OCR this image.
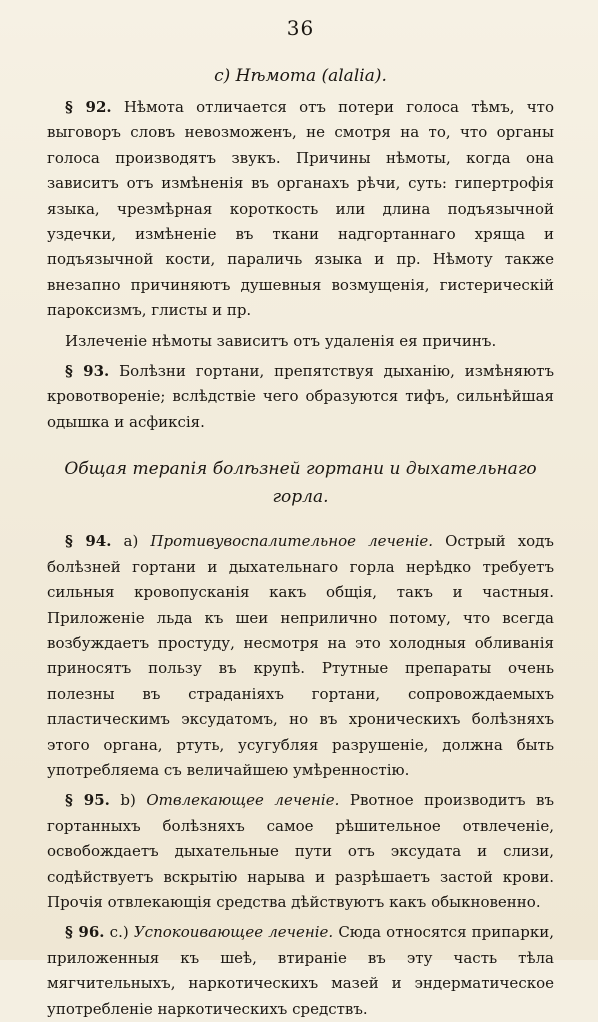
36
c) Нѣмота (alalia).

§ 92. Нѣмота отличается отъ потери голоса тѣмъ, что выговоръ словъ невозможенъ, не смотря на то, что органы голоса производятъ звукъ. Причины нѣмоты, когда она зависитъ отъ измѣненія въ органахъ рѣчи, суть: гипертрофія языка, чрезмѣрная короткость или длина подъязычной уздечки, измѣненіе въ ткани надгортаннаго хряща и подъязычной кости, параличь языка и пр. Нѣмоту также внезапно причиняютъ душевныя возмущенія, гистерическій пароксизмъ, глисты и пр.

Излеченіе нѣмоты зависитъ отъ удаленія ея причинъ.

§ 93. Болѣзни гортани, препятствуя дыханію, измѣняютъ кровотвореніе; вслѣдствіе чего образуются тифъ, сильнѣйшая одышка и асфиксія.

Общая терапія болѣзней гортани и дыхательнаго горла.

§ 94. a) Противувоспалительное леченіе. Острый ходъ болѣзней гортани и дыхательнаго горла нерѣдко требуетъ сильныя кровопусканія какъ общія, такъ и частныя. Приложеніе льда къ шеи неприлично потому, что всегда возбуждаетъ простуду, несмотря на это холодныя обливанія приносятъ пользу въ крупѣ. Ртутные препараты очень полезны въ страданіяхъ гортани, сопровождаемыхъ пластическимъ эксудатомъ, но въ хроническихъ болѣзняхъ этого органа, ртуть, усугубляя разрушеніе, должна быть употребляема съ величайшею умѣренностію.

§ 95. b) Отвлекающее леченіе. Рвотное производитъ въ гортанныхъ болѣзняхъ самое рѣшительное отвлеченіе, освобождаетъ дыхательные пути отъ эксудата и слизи, содѣйствуетъ вскрытію нарыва и разрѣшаетъ застой крови. Прочія отвлекающія средства дѣйствуютъ какъ обыкновенно.

§ 96. c.) Успокоивающее леченіе. Сюда относятся припарки, приложенныя къ шеѣ, втираніе въ эту часть тѣла мягчительныхъ, наркотическихъ мазей и эндерматическое употребленіе наркотическихъ средствъ.
